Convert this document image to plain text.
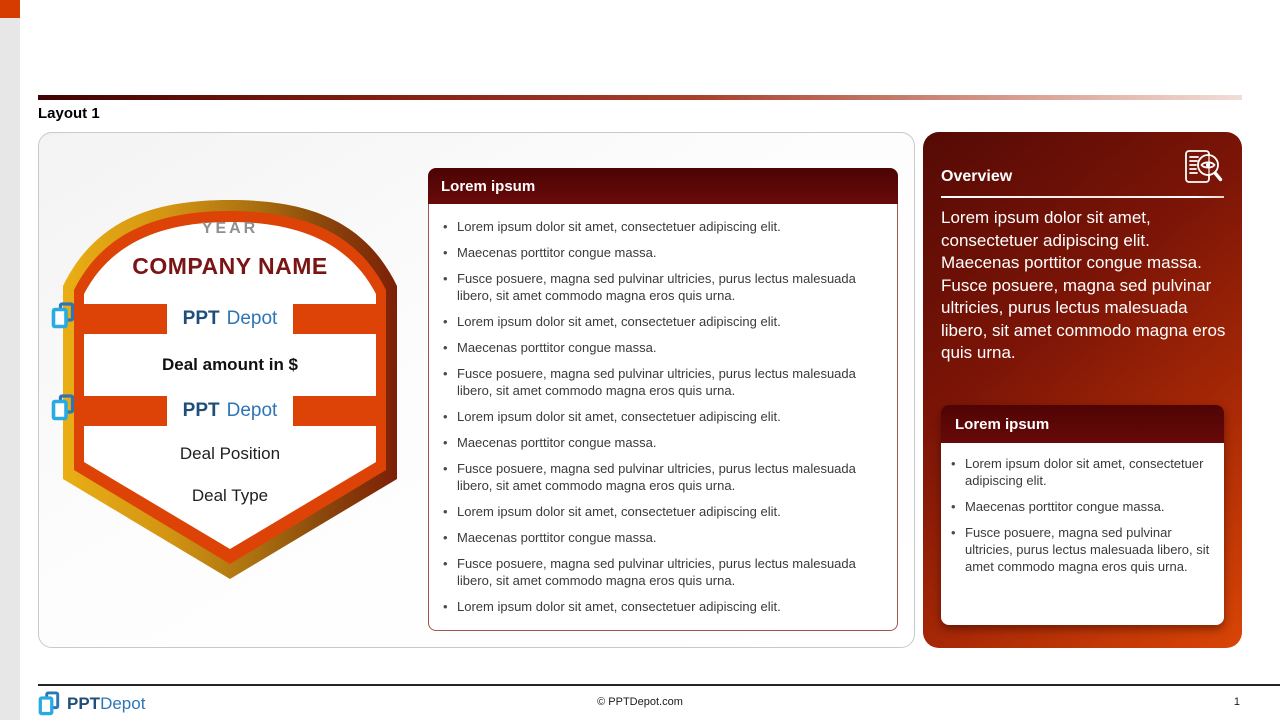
Layout 1
YEAR
COMPANY NAME
PPT Depot
Deal amount in $
PPT Depot
Deal Position
Deal Type
Lorem ipsum
• Lorem ipsum dolor sit amet, consectetuer adipiscing elit.
• Maecenas porttitor congue massa.
• Fusce posuere, magna sed pulvinar ultricies, purus lectus malesuada libero, sit amet commodo magna eros quis urna.
• Lorem ipsum dolor sit amet, consectetuer adipiscing elit.
• Maecenas porttitor congue massa.
• Fusce posuere, magna sed pulvinar ultricies, purus lectus malesuada libero, sit amet commodo magna eros quis urna.
• Lorem ipsum dolor sit amet, consectetuer adipiscing elit.
• Maecenas porttitor congue massa.
• Fusce posuere, magna sed pulvinar ultricies, purus lectus malesuada libero, sit amet commodo magna eros quis urna.
• Lorem ipsum dolor sit amet, consectetuer adipiscing elit.
• Maecenas porttitor congue massa.
• Fusce posuere, magna sed pulvinar ultricies, purus lectus malesuada libero, sit amet commodo magna eros quis urna.
• Lorem ipsum dolor sit amet, consectetuer adipiscing elit.
Overview
Lorem ipsum dolor sit amet, consectetuer adipiscing elit. Maecenas porttitor congue massa. Fusce posuere, magna sed pulvinar ultricies, purus lectus malesuada libero, sit amet commodo magna eros quis urna.
Lorem ipsum
• Lorem ipsum dolor sit amet, consectetuer adipiscing elit.
• Maecenas porttitor congue massa.
• Fusce posuere, magna sed pulvinar ultricies, purus lectus malesuada libero, sit amet commodo magna eros quis urna.
PPTDepot	© PPTDepot.com	1
